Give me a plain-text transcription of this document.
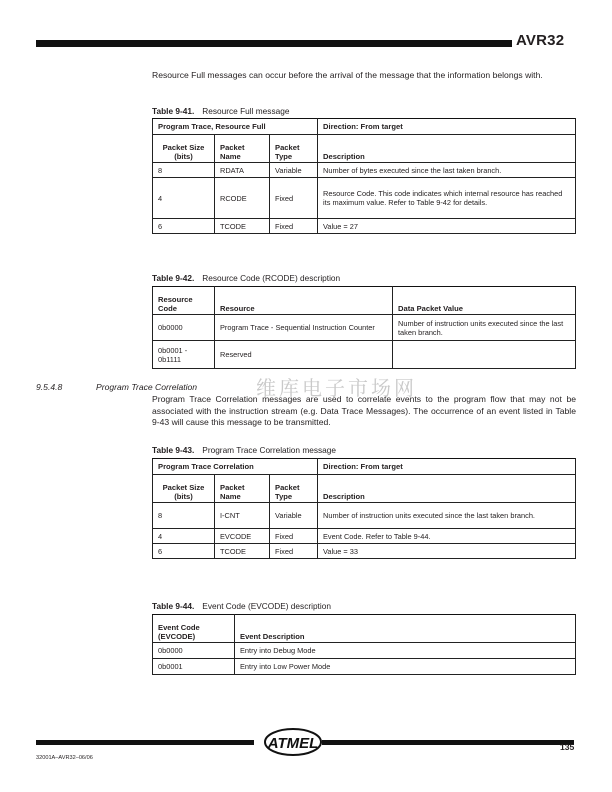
AVR32
Resource Full messages can occur before the arrival of the message that the information belongs with.
Table 9-41. Resource Full message
Program Trace, Resource Full			Direction: From target
Packet Size (bits)	Packet Name	Packet Type	Description
8	RDATA	Variable	Number of bytes executed since the last taken branch.
4	RCODE	Fixed	Resource Code. This code indicates which internal resource has reached its maximum value. Refer to Table 9-42 for details.
6	TCODE	Fixed	Value = 27
Table 9-42. Resource Code (RCODE) description
Resource Code	Resource	Data Packet Value
0b0000	Program Trace - Sequential Instruction Counter	Number of instruction units executed since the last taken branch.
0b0001 - 0b1111	Reserved	
维库电子市场网
9.5.4.8	Program Trace Correlation
Program Trace Correlation messages are used to correlate events to the program flow that may not be associated with the instruction stream (e.g. Data Trace Messages). The occurrence of an event listed in Table 9-43 will cause this message to be transmitted.
Table 9-43. Program Trace Correlation message
Program Trace Correlation			Direction: From target
Packet Size (bits)	Packet Name	Packet Type	Description
8	I-CNT	Variable	Number of instruction units executed since the last taken branch.
4	EVCODE	Fixed	Event Code. Refer to Table 9-44.
6	TCODE	Fixed	Value = 33
Table 9-44. Event Code (EVCODE) description
Event Code (EVCODE)	Event Description
0b0000	Entry into Debug Mode
0b0001	Entry into Low Power Mode
ATMEL
32001A–AVR32–06/06
135
